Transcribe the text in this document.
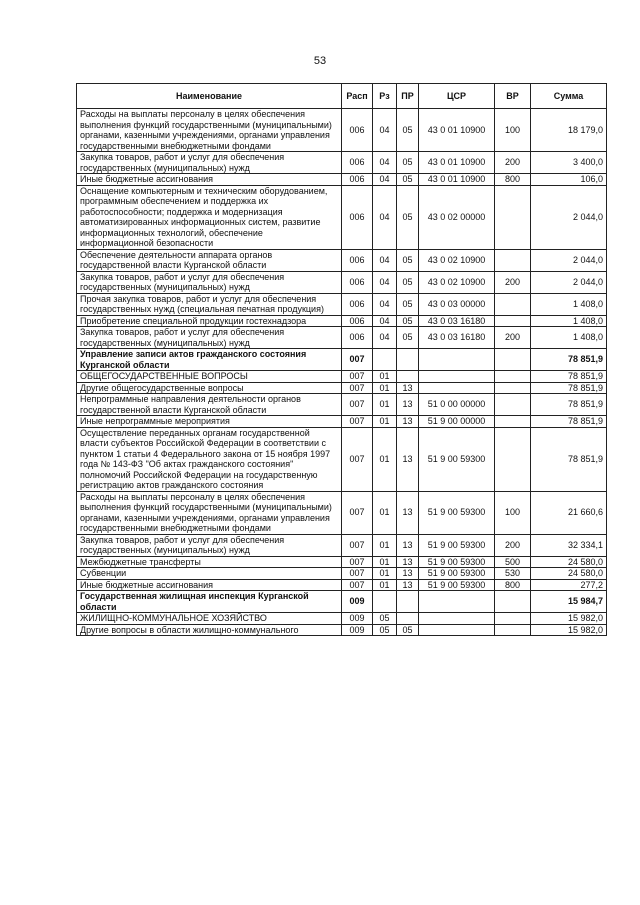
53
Наименование	Расп	Рз	ПР	ЦСР	ВР	Сумма
Расходы на выплаты персоналу в целях обеспечения выполнения функций государственными (муниципальными) органами, казенными учреждениями, органами управления государственными внебюджетными фондами	006	04	05	43 0 01 10900	100	18 179,0
Закупка товаров, работ и услуг для обеспечения государственных (муниципальных) нужд	006	04	05	43 0 01 10900	200	3 400,0
Иные бюджетные ассигнования	006	04	05	43 0 01 10900	800	106,0
Оснащение компьютерным и техническим оборудованием, программным обеспечением и поддержка их работоспособности; поддержка и модернизация автоматизированных информационных систем, развитие информационных технологий, обеспечение информационной безопасности	006	04	05	43 0 02 00000		2 044,0
Обеспечение деятельности аппарата органов государственной власти Курганской области	006	04	05	43 0 02 10900		2 044,0
Закупка товаров, работ и услуг для обеспечения государственных (муниципальных) нужд	006	04	05	43 0 02 10900	200	2 044,0
Прочая закупка товаров, работ и услуг для обеспечения государственных нужд (специальная печатная продукция)	006	04	05	43 0 03 00000		1 408,0
Приобретение специальной продукции гостехнадзора	006	04	05	43 0 03 16180		1 408,0
Закупка товаров, работ и услуг для обеспечения государственных (муниципальных) нужд	006	04	05	43 0 03 16180	200	1 408,0
Управление записи актов гражданского состояния Курганской области	007					78 851,9
ОБЩЕГОСУДАРСТВЕННЫЕ ВОПРОСЫ	007	01				78 851,9
Другие общегосударственные вопросы	007	01	13			78 851,9
Непрограммные направления деятельности органов государственной власти Курганской области	007	01	13	51 0 00 00000		78 851,9
Иные непрограммные мероприятия	007	01	13	51 9 00 00000		78 851,9
Осуществление переданных органам государственной власти субъектов Российской Федерации в соответствии с пунктом 1 статьи 4 Федерального закона от 15 ноября 1997 года № 143-ФЗ "Об актах гражданского состояния" полномочий Российской Федерации на государственную регистрацию актов гражданского состояния	007	01	13	51 9 00 59300		78 851,9
Расходы на выплаты персоналу в целях обеспечения выполнения функций государственными (муниципальными) органами, казенными учреждениями, органами управления государственными внебюджетными фондами	007	01	13	51 9 00 59300	100	21 660,6
Закупка товаров, работ и услуг для обеспечения государственных (муниципальных) нужд	007	01	13	51 9 00 59300	200	32 334,1
Межбюджетные трансферты	007	01	13	51 9 00 59300	500	24 580,0
Субвенции	007	01	13	51 9 00 59300	530	24 580,0
Иные бюджетные ассигнования	007	01	13	51 9 00 59300	800	277,2
Государственная жилищная инспекция Курганской области	009					15 984,7
ЖИЛИЩНО-КОММУНАЛЬНОЕ ХОЗЯЙСТВО	009	05				15 982,0
Другие вопросы в области жилищно-коммунального	009	05	05			15 982,0
